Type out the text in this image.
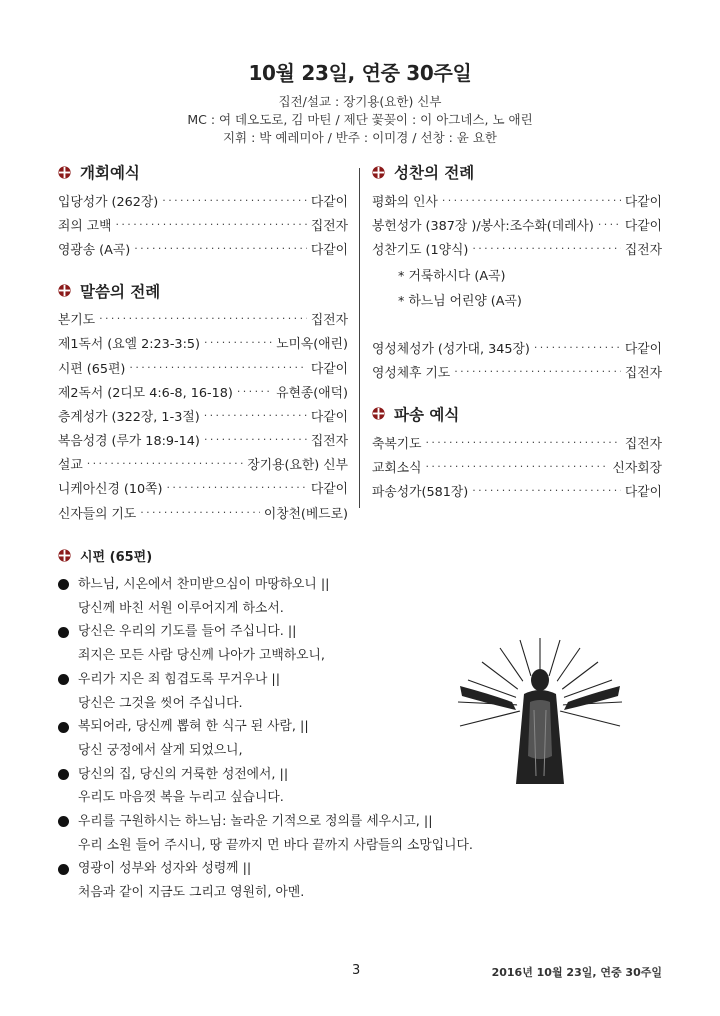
10월 23일, 연중 30주일
집전/설교 : 장기용(요한) 신부
MC : 여 데오도로, 김 마틴 / 제단 꽃꽂이 : 이 아그네스, 노 애린
지휘 : 박 예레미아 / 반주 : 이미경 / 선창 : 윤 요한
개회예식
입당성가 (262장) ·····	다같이
죄의 고백 ·····	집전자
영광송 (A곡) ·····	다같이
말씀의 전례
본기도 ·····	집전자
제1독서 (요엘 2:23-3:5) ·····	노미옥(애린)
시편 (65편) ·····	다같이
제2독서 (2디모 4:6-8, 16-18) ·····	유현종(애덕)
층계성가 (322장, 1-3절) ·····	다같이
복음성경 (루가 18:9-14) ·····	집전자
설교 ·····	장기용(요한) 신부
니케아신경 (10쪽) ·····	다같이
신자들의 기도 ·····	이창천(베드로)
성찬의 전례
평화의 인사 ·····	다같이
봉헌성가 (387장 )/봉사:조수화(데레사) ····· 다같이
성찬기도 (1양식) ·····	집전자
* 거룩하시다 (A곡)
* 하느님 어린양 (A곡)
영성체성가 (성가대, 345장) ·····	다같이
영성체후 기도 ·····	집전자
파송 예식
축복기도 ·····	집전자
교회소식 ·····	신자회장
파송성가(581장) ·····	다같이
시편 (65편)
하느님, 시온에서 찬미받으심이 마땅하오니 ||
당신께 바친 서원 이루어지게 하소서.
당신은 우리의 기도를 들어 주십니다. ||
죄지은 모든 사람 당신께 나아가 고백하오니,
우리가 지은 죄 힘겹도록 무거우나 ||
당신은 그것을 씻어 주십니다.
복되어라, 당신께 뽑혀 한 식구 된 사람, ||
당신 궁정에서 살게 되었으니,
당신의 집, 당신의 거룩한 성전에서, ||
우리도 마음껏 복을 누리고 싶습니다.
우리를 구원하시는 하느님: 놀라운 기적으로 정의를 세우시고, ||
우리 소원 들어 주시니, 땅 끝까지 먼 바다 끝까지 사람들의 소망입니다.
영광이 성부와 성자와 성령께 ||
처음과 같이 지금도 그리고 영원히, 아멘.
3	2016년 10월 23일, 연중 30주일
